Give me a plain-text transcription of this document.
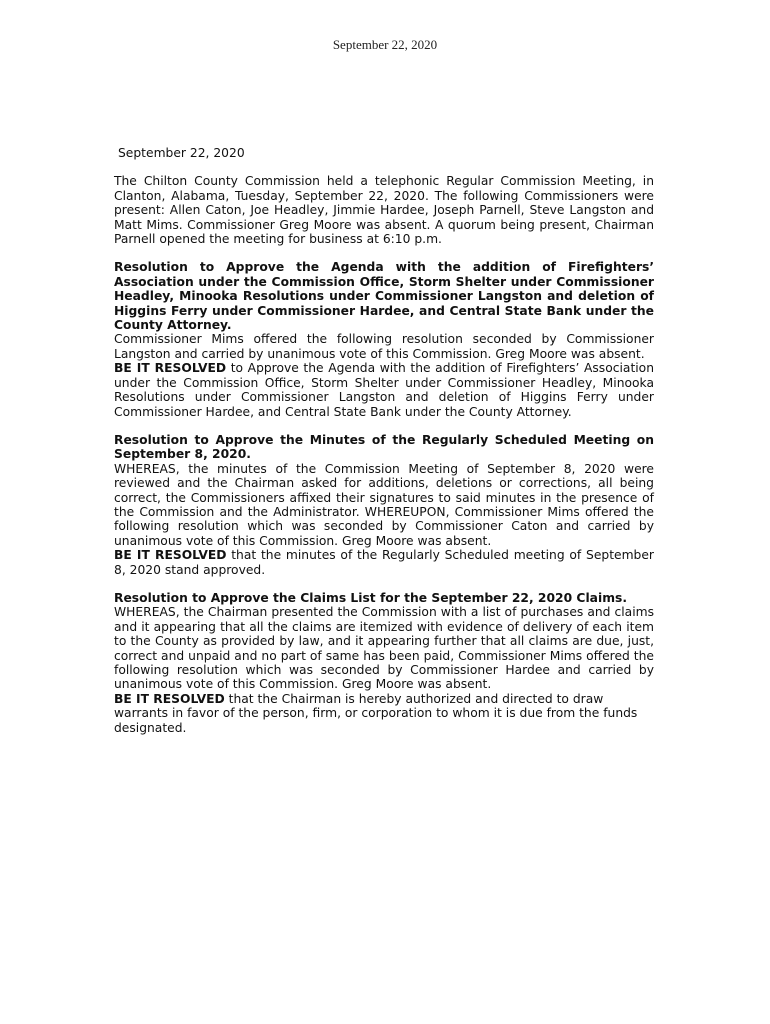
September 22, 2020
September 22, 2020

The Chilton County Commission held a telephonic Regular Commission Meeting, in Clanton, Alabama, Tuesday, September 22, 2020. The following Commissioners were present: Allen Caton, Joe Headley, Jimmie Hardee, Joseph Parnell, Steve Langston and Matt Mims. Commissioner Greg Moore was absent. A quorum being present, Chairman Parnell opened the meeting for business at 6:10 p.m.

Resolution to Approve the Agenda with the addition of Firefighters’ Association under the Commission Office, Storm Shelter under Commissioner Headley, Minooka Resolutions under Commissioner Langston and deletion of Higgins Ferry under Commissioner Hardee, and Central State Bank under the County Attorney.

Commissioner Mims offered the following resolution seconded by Commissioner Langston and carried by unanimous vote of this Commission. Greg Moore was absent.

BE IT RESOLVED to Approve the Agenda with the addition of Firefighters’ Association under the Commission Office, Storm Shelter under Commissioner Headley, Minooka Resolutions under Commissioner Langston and deletion of Higgins Ferry under Commissioner Hardee, and Central State Bank under the County Attorney.

Resolution to Approve the Minutes of the Regularly Scheduled Meeting on September 8, 2020.

WHEREAS, the minutes of the Commission Meeting of September 8, 2020 were reviewed and the Chairman asked for additions, deletions or corrections, all being correct, the Commissioners affixed their signatures to said minutes in the presence of the Commission and the Administrator. WHEREUPON, Commissioner Mims offered the following resolution which was seconded by Commissioner Caton and carried by unanimous vote of this Commission. Greg Moore was absent.

BE IT RESOLVED that the minutes of the Regularly Scheduled meeting of September 8, 2020 stand approved.

Resolution to Approve the Claims List for the September 22, 2020 Claims.

WHEREAS, the Chairman presented the Commission with a list of purchases and claims and it appearing that all the claims are itemized with evidence of delivery of each item to the County as provided by law, and it appearing further that all claims are due, just, correct and unpaid and no part of same has been paid, Commissioner Mims offered the following resolution which was seconded by Commissioner Hardee and carried by unanimous vote of this Commission. Greg Moore was absent.

BE IT RESOLVED that the Chairman is hereby authorized and directed to draw warrants in favor of the person, firm, or corporation to whom it is due from the funds designated.
